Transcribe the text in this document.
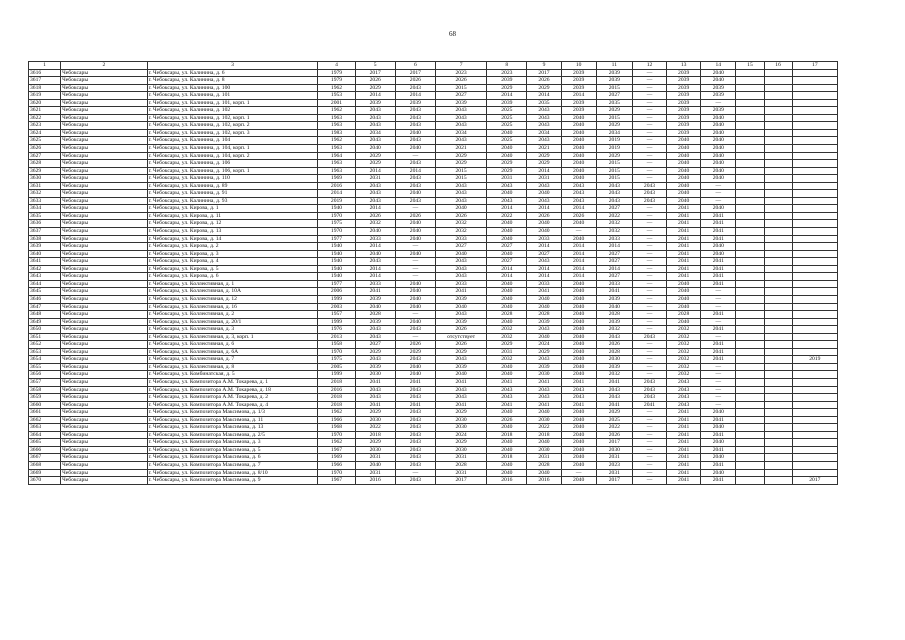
68
1	2	3	4	5	6	7	8	9	10	11	12	13	14	15	16	17
3616	Чебоксары	г. Чебоксары, ул. Калинина, д. 6	1979	2017	2017	2023	2023	2017	2039	2039	—	2039	2040			
3617	Чебоксары	г. Чебоксары, ул. Калинина, д. 8	1979	2026	2026	2026	2039	2026	2039	2039	—	2039	2040			
3618	Чебоксары	г. Чебоксары, ул. Калинина, д. 100	1962	2029	2043	2015	2029	2029	2039	2015	—	2039	2039			
3619	Чебоксары	г. Чебоксары, ул. Калинина, д. 101	1953	2014	2014	2027	2014	2014	2014	2027	—	2039	2039			
3620	Чебоксары	г. Чебоксары, ул. Калинина, д. 101, корп. 1	2001	2039	2039	2039	2039	2035	2039	2035	—	2039	—			
3621	Чебоксары	г. Чебоксары, ул. Калинина, д. 102	1962	2043	2043	2043	2025	2043	2039	2029	—	2039	2039			
3622	Чебоксары	г. Чебоксары, ул. Калинина, д. 102, корп. 1	1963	2043	2043	2043	2025	2043	2040	2015	—	2039	2040			
3623	Чебоксары	г. Чебоксары, ул. Калинина, д. 102, корп. 2	1963	2043	2043	2043	2025	2043	2040	2029	—	2039	2040			
3624	Чебоксары	г. Чебоксары, ул. Калинина, д. 102, корп. 3	1983	2034	2040	2034	2040	2034	2040	2034	—	2039	2040			
3625	Чебоксары	г. Чебоксары, ул. Калинина, д. 104	1962	2043	2043	2043	2025	2043	2040	2019	—	2040	2040			
3626	Чебоксары	г. Чебоксары, ул. Калинина, д. 104, корп. 1	1963	2040	2040	2021	2040	2021	2040	2019	—	2040	2040			
3627	Чебоксары	г. Чебоксары, ул. Калинина, д. 104, корп. 2	1964	2029	—	2029	2040	2029	2040	2029	—	2040	2040			
3628	Чебоксары	г. Чебоксары, ул. Калинина, д. 106	1963	2029	2043	2029	2029	2029	2040	2015	—	2040	2040			
3629	Чебоксары	г. Чебоксары, ул. Калинина, д. 106, корп. 1	1963	2014	2014	2015	2029	2014	2040	2015	—	2040	2040			
3630	Чебоксары	г. Чебоксары, ул. Калинина, д. 110	1969	2031	2043	2015	2031	2031	2040	2015	—	2040	2040			
3631	Чебоксары	г. Чебоксары, ул. Калинина, д. 89	2016	2043	2043	2043	2043	2043	2043	2043	2043	2040	—			
3632	Чебоксары	г. Чебоксары, ул. Калинина, д. 91	2014	2043	2040	2043	2040	2040	2043	2043	2043	2040	—			
3633	Чебоксары	г. Чебоксары, ул. Калинина, д. 93	2019	2043	2043	2043	2043	2043	2043	2043	2043	2040	—			
3634	Чебоксары	г. Чебоксары, ул. Кирова, д. 1	1940	2014	—	2040	2014	2014	2014	2027	—	2041	2040			
3635	Чебоксары	г. Чебоксары, ул. Кирова, д. 11	1970	2026	2026	2026	2022	2026	2026	2022	—	2041	2041			
3636	Чебоксары	г. Чебоксары, ул. Кирова, д. 12	1975	2032	2040	2032	2040	2040	2040	2032	—	2041	2041			
3637	Чебоксары	г. Чебоксары, ул. Кирова, д. 13	1970	2040	2040	2032	2040	2040	—	2032	—	2041	2041			
3638	Чебоксары	г. Чебоксары, ул. Кирова, д. 14	1977	2033	2040	2033	2040	2033	2040	2033	—	2041	2041			
3639	Чебоксары	г. Чебоксары, ул. Кирова, д. 2	1940	2014	—	2027	2027	2014	2014	2014	—	2041	2040			
3640	Чебоксары	г. Чебоксары, ул. Кирова, д. 3	1940	2040	2040	2040	2040	2027	2014	2027	—	2041	2040			
3641	Чебоксары	г. Чебоксары, ул. Кирова, д. 4	1940	2043	—	2043	2027	2043	2014	2027	—	2041	2041			
3642	Чебоксары	г. Чебоксары, ул. Кирова, д. 5	1940	2014	—	2043	2014	2014	2014	2014	—	2041	2041			
3643	Чебоксары	г. Чебоксары, ул. Кирова, д. 6	1940	2014	—	2043	2014	2014	2014	2027	—	2041	2041			
3644	Чебоксары	г. Чебоксары, ул. Коллективная, д. 1	1977	2033	2040	2033	2040	2033	2040	2033	—	2040	2041			
3645	Чебоксары	г. Чебоксары, ул. Коллективная, д. 10А	2006	2041	2040	2041	2040	2041	2040	2041	—	2040	—			
3646	Чебоксары	г. Чебоксары, ул. Коллективная, д. 12	1999	2039	2040	2039	2040	2040	2040	2039	—	2040	—			
3647	Чебоксары	г. Чебоксары, ул. Коллективная, д. 16	2003	2040	2040	2040	2040	2040	2040	2040	—	2040	—			
3648	Чебоксары	г. Чебоксары, ул. Коллективная, д. 2	1957	2028	—	2043	2028	2028	2040	2028	—	2028	2041			
3649	Чебоксары	г. Чебоксары, ул. Коллективная, д. 20/1	1999	2039	2040	2039	2040	2039	2040	2039	—	2040	—			
3650	Чебоксары	г. Чебоксары, ул. Коллективная, д. 3	1976	2043	2043	2026	2032	2043	2040	2032	—	2032	2041			
3651	Чебоксары	г. Чебоксары, ул. Коллективная, д. 3, корп. 1	2013	2043	—	отсутствует	2032	2040	2040	2043	2043	2032	—			
3652	Чебоксары	г. Чебоксары, ул. Коллективная, д. 6	1958	2027	2026	2026	2029	2024	2040	2026	—	2032	2041			
3653	Чебоксары	г. Чебоксары, ул. Коллективная, д. 6А	1970	2029	2029	2029	2031	2029	2040	2028	—	2032	2041			
3654	Чебоксары	г. Чебоксары, ул. Коллективная, д. 7	1975	2043	2043	2043	2032	2043	2040	2030	—	2032	2041			2019
3655	Чебоксары	г. Чебоксары, ул. Коллективная, д. 8	2005	2039	2040	2039	2040	2039	2040	2039	—	2032	—			
3656	Чебоксары	г. Чебоксары, ул. Комбинатская, д. 5	1999	2030	2040	2040	2040	2030	2040	2032	—	2032	—			
3657	Чебоксары	г. Чебоксары, ул. Композитора А.М. Токарева, д. 1	2018	2041	2041	2041	2041	2041	2041	2041	2043	2043	—			
3658	Чебоксары	г. Чебоксары, ул. Композитора А.М. Токарева, д. 18	2016	2043	2043	2043	2043	2043	2043	2043	2043	2043	—			
3659	Чебоксары	г. Чебоксары, ул. Композитора А.М. Токарева, д. 2	2018	2043	2043	2043	2043	2043	2043	2043	2043	2043	—			
3660	Чебоксары	г. Чебоксары, ул. Композитора А.М. Токарева, д. 4	2018	2041	2041	2041	2041	2041	2041	2041	2041	2043	—			
3661	Чебоксары	г. Чебоксары, ул. Композитора Максимова, д. 1/3	1962	2029	2043	2029	2040	2040	2040	2029	—	2041	2040			
3662	Чебоксары	г. Чебоксары, ул. Композитора Максимова, д. 11	1966	2030	2043	2030	2026	2030	2040	2025	—	2041	2041			
3663	Чебоксары	г. Чебоксары, ул. Композитора Максимова, д. 13	1968	2022	2043	2030	2040	2022	2040	2022	—	2041	2040			
3664	Чебоксары	г. Чебоксары, ул. Композитора Максимова, д. 2/5	1970	2018	2043	2024	2018	2018	2040	2026	—	2041	2041			
3665	Чебоксары	г. Чебоксары, ул. Композитора Максимова, д. 3	1962	2029	2043	2029	2040	2040	2040	2017	—	2041	2040			
3666	Чебоксары	г. Чебоксары, ул. Композитора Максимова, д. 5	1967	2030	2043	2030	2040	2030	2040	2030	—	2041	2041			
3667	Чебоксары	г. Чебоксары, ул. Композитора Максимова, д. 6	1969	2031	2043	2031	2018	2031	2040	2031	—	2041	2040			
3668	Чебоксары	г. Чебоксары, ул. Композитора Максимова, д. 7	1966	2040	2043	2028	2040	2028	2040	2023	—	2041	2041			
3669	Чебоксары	г. Чебоксары, ул. Композитора Максимова, д. 8/10	1970	2031	—	2031	2040	2040	—	2031	—	2041	2040			
3670	Чебоксары	г. Чебоксары, ул. Композитора Максимова, д. 9	1967	2016	2043	2017	2016	2016	2040	2017	—	2041	2041			2017
